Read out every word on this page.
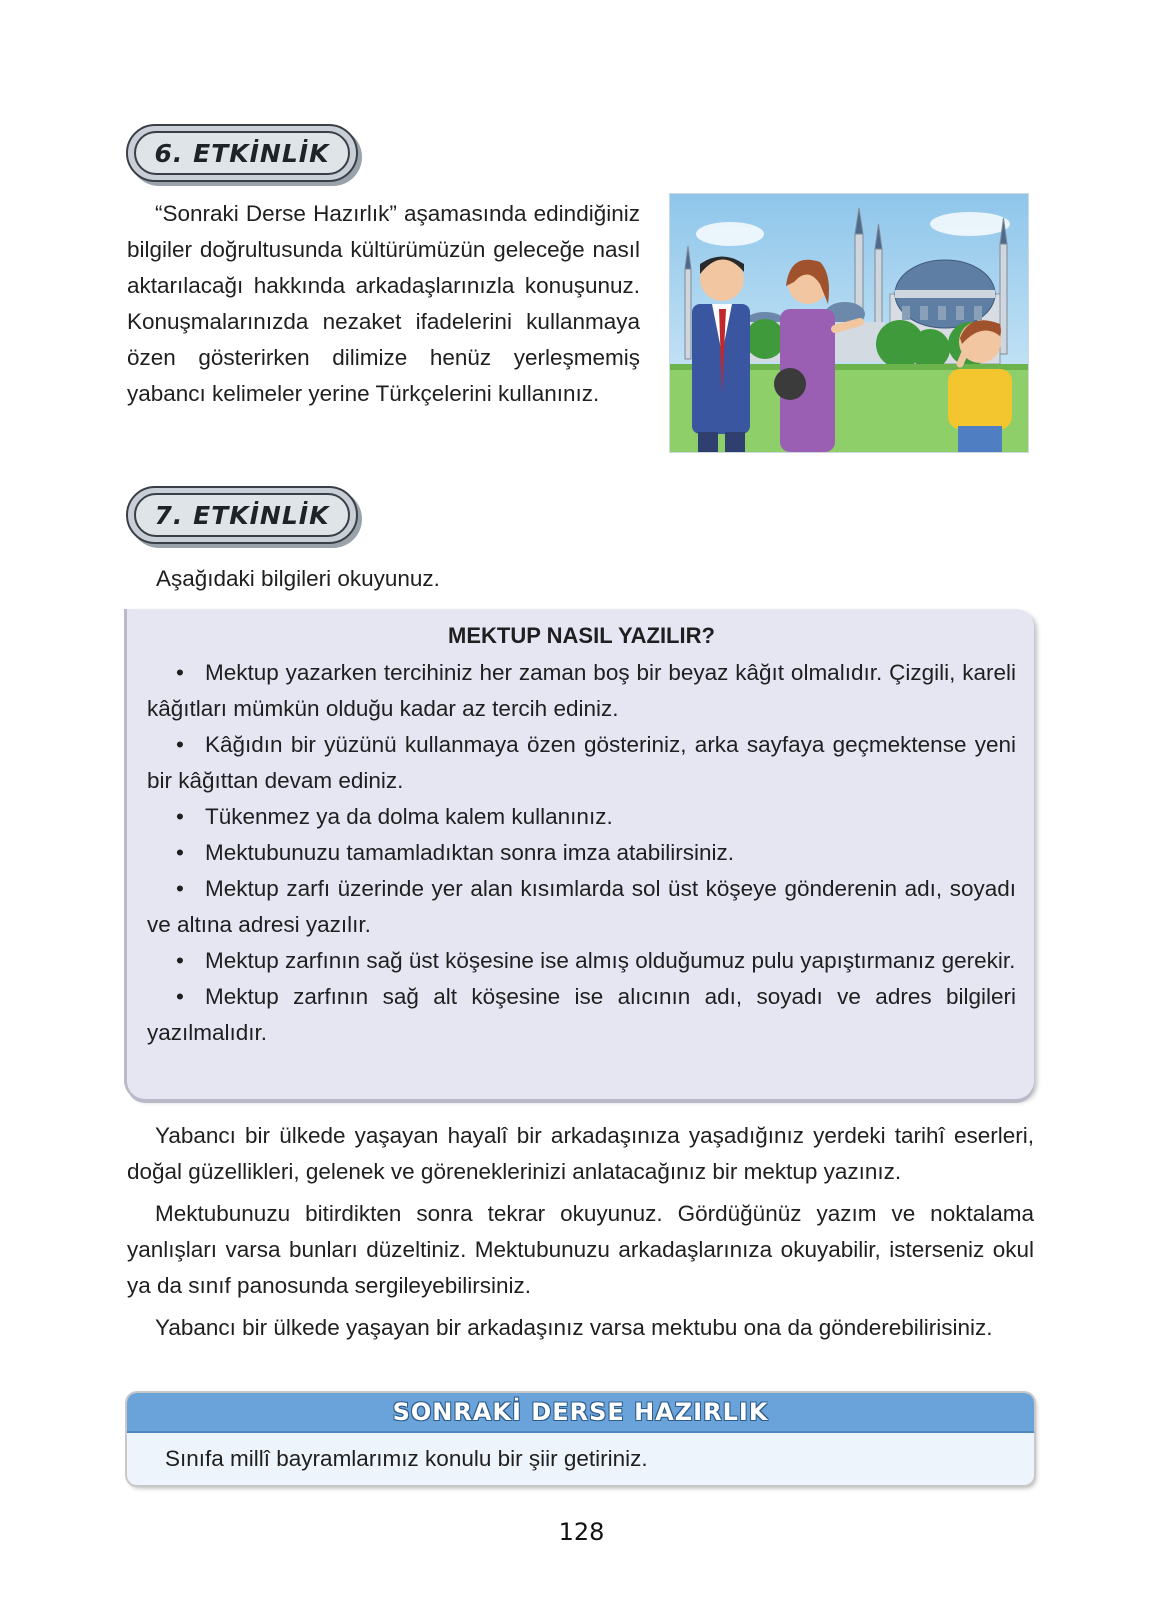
6. ETKİNLİK

“Sonraki Derse Hazırlık” aşamasında edindiğiniz bilgiler doğrultusunda kültürümüzün geleceğe nasıl aktarılacağı hakkında arkadaşlarınızla konuşunuz. Konuşmalarınızda nezaket ifadelerini kullanmaya özen gösterirken dilimize henüz yerleşmemiş yabancı kelimeler yerine Türkçelerini kullanınız.

7. ETKİNLİK

Aşağıdaki bilgileri okuyunuz.

MEKTUP NASIL YAZILIR?

• Mektup yazarken tercihiniz her zaman boş bir beyaz kâğıt olmalıdır. Çizgili, kareli kâğıtları mümkün olduğu kadar az tercih ediniz.

• Kâğıdın bir yüzünü kullanmaya özen gösteriniz, arka sayfaya geçmektense yeni bir kâğıttan devam ediniz.

• Tükenmez ya da dolma kalem kullanınız.

• Mektubunuzu tamamladıktan sonra imza atabilirsiniz.

• Mektup zarfı üzerinde yer alan kısımlarda sol üst köşeye gönderenin adı, soyadı ve altına adresi yazılır.

• Mektup zarfının sağ üst köşesine ise almış olduğumuz pulu yapıştırmanız gerekir.

• Mektup zarfının sağ alt köşesine ise alıcının adı, soyadı ve adres bilgileri yazılmalıdır.

Yabancı bir ülkede yaşayan hayalî bir arkadaşınıza yaşadığınız yerdeki tarihî eserleri, doğal güzellikleri, gelenek ve göreneklerinizi anlatacağınız bir mektup yazınız.

Mektubunuzu bitirdikten sonra tekrar okuyunuz. Gördüğünüz yazım ve noktalama yanlışları varsa bunları düzeltiniz. Mektubunuzu arkadaşlarınıza okuyabilir, isterseniz okul ya da sınıf panosunda sergileyebilirsiniz.

Yabancı bir ülkede yaşayan bir arkadaşınız varsa mektubu ona da gönderebilirisiniz.

SONRAKİ DERSE HAZIRLIK
Sınıfa millî bayramlarımız konulu bir şiir getiriniz.
128
